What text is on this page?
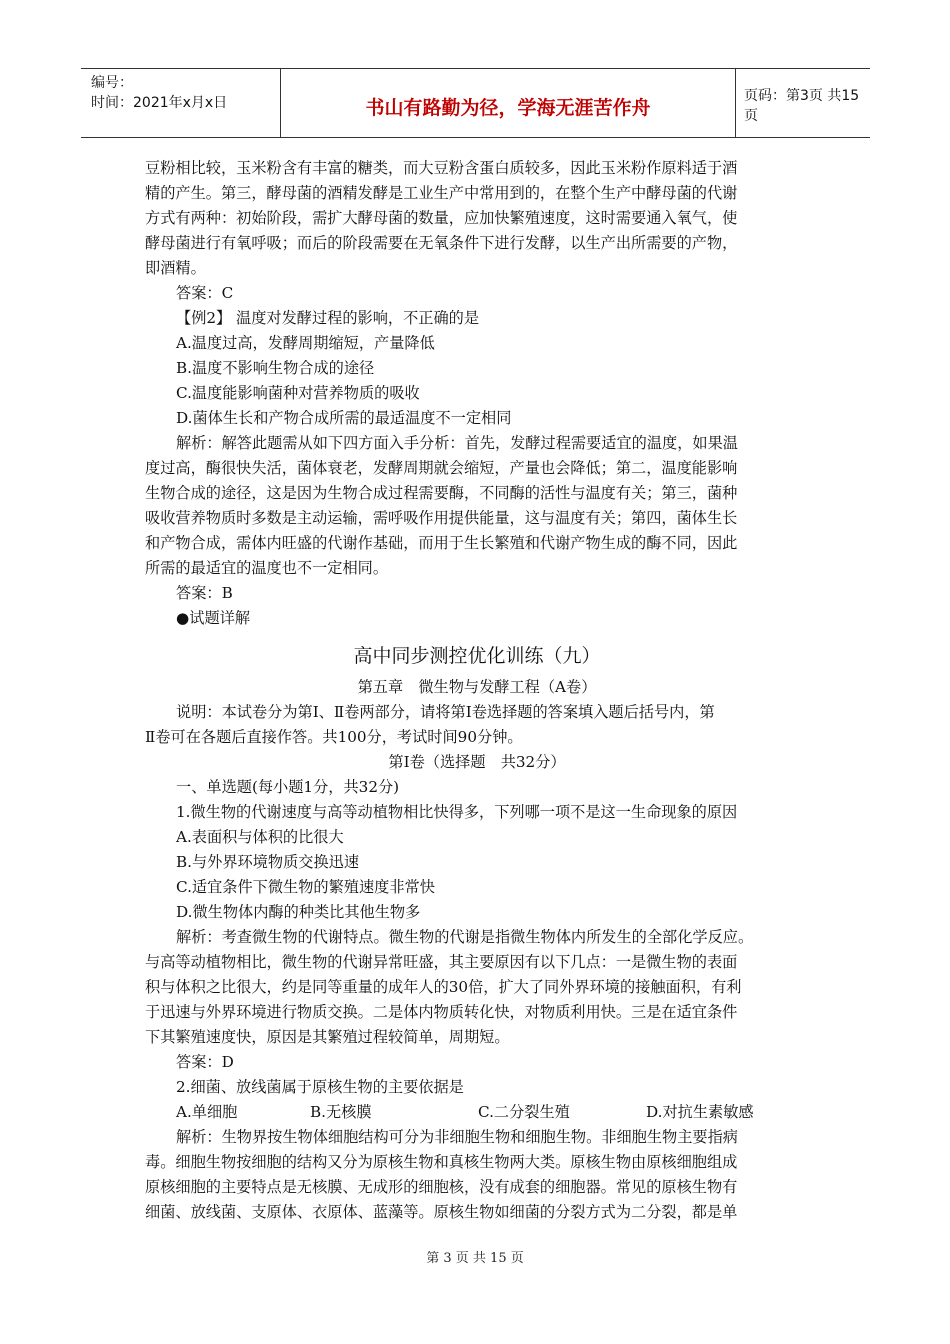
编号：
时间：2021年x月x日	书山有路勤为径，学海无涯苦作舟
页码：第3页 共15页

豆粉相比较，玉米粉含有丰富的糖类，而大豆粉含蛋白质较多，因此玉米粉作原料适于酒

精的产生。第三，酵母菌的酒精发酵是工业生产中常用到的，在整个生产中酵母菌的代谢

方式有两种：初始阶段，需扩大酵母菌的数量，应加快繁殖速度，这时需要通入氧气，使

酵母菌进行有氧呼吸；而后的阶段需要在无氧条件下进行发酵，以生产出所需要的产物，

即酒精。

答案：C

【例2】 温度对发酵过程的影响，不正确的是

A.温度过高，发酵周期缩短，产量降低

B.温度不影响生物合成的途径

C.温度能影响菌种对营养物质的吸收

D.菌体生长和产物合成所需的最适温度不一定相同

解析：解答此题需从如下四方面入手分析：首先，发酵过程需要适宜的温度，如果温

度过高，酶很快失活，菌体衰老，发酵周期就会缩短，产量也会降低；第二，温度能影响

生物合成的途径，这是因为生物合成过程需要酶，不同酶的活性与温度有关；第三，菌种

吸收营养物质时多数是主动运输，需呼吸作用提供能量，这与温度有关；第四，菌体生长

和产物合成，需体内旺盛的代谢作基础，而用于生长繁殖和代谢产物生成的酶不同，因此

所需的最适宜的温度也不一定相同。

答案：B

●试题详解

高中同步测控优化训练（九）

第五章　微生物与发酵工程（A卷）

说明：本试卷分为第Ⅰ、Ⅱ卷两部分，请将第Ⅰ卷选择题的答案填入题后括号内，第

Ⅱ卷可在各题后直接作答。共100分，考试时间90分钟。

第Ⅰ卷（选择题　共32分）

一、单选题(每小题1分，共32分)

1.微生物的代谢速度与高等动植物相比快得多，下列哪一项不是这一生命现象的原因

A.表面积与体积的比很大

B.与外界环境物质交换迅速

C.适宜条件下微生物的繁殖速度非常快

D.微生物体内酶的种类比其他生物多

解析：考查微生物的代谢特点。微生物的代谢是指微生物体内所发生的全部化学反应。

与高等动植物相比，微生物的代谢异常旺盛，其主要原因有以下几点：一是微生物的表面

积与体积之比很大，约是同等重量的成年人的30倍，扩大了同外界环境的接触面积，有利

于迅速与外界环境进行物质交换。二是体内物质转化快，对物质利用快。三是在适宜条件

下其繁殖速度快，原因是其繁殖过程较简单，周期短。

答案：D

2.细菌、放线菌属于原核生物的主要依据是

A.单细胞	B.无核膜	C.二分裂生殖	D.对抗生素敏感

解析：生物界按生物体细胞结构可分为非细胞生物和细胞生物。非细胞生物主要指病

毒。细胞生物按细胞的结构又分为原核生物和真核生物两大类。原核生物由原核细胞组成

原核细胞的主要特点是无核膜、无成形的细胞核，没有成套的细胞器。常见的原核生物有

细菌、放线菌、支原体、衣原体、蓝藻等。原核生物如细菌的分裂方式为二分裂，都是单

第 3 页 共 15 页
